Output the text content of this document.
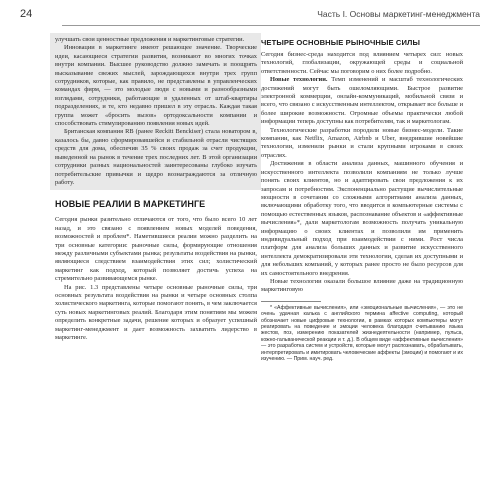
24	Часть I. Основы маркетинг-менеджмента

улучшать свои ценностные предложения и маркетинговые стратегии.

Инновации в маркетинге имеют решающее значение. Творческие идеи, касающиеся стратегии развития, возникают во многих точках внутри компании. Высшее руководство должно замечать и поощрять высказывание свежих мыслей, зарождающихся внутри трех групп сотрудников, которые, как правило, не представлены в управленческих командах фирм, — это молодые люди с новыми и разнообразными взглядами, сотрудники, работающие в удаленных от штаб-квартиры подразделениях, и те, кто недавно пришел в эту отрасль. Каждая такая группа может «бросить вызов» ортодоксальности компании и способствовать стимулированию появления новых идей.

Британская компания RB (ранее Reckitt Benckiser) стала новатором в, казалось бы, давно сформировавшейся и стабильной отрасли чистящих средств для дома, обеспечив 35 % своих продаж за счет продукции, выведенной на рынок в течение трех последних лет. В этой организации сотрудники разных национальностей заинтересованы глубоко изучать потребительские привычки и щедро вознаграждаются за отличную работу.

НОВЫЕ РЕАЛИИ В МАРКЕТИНГЕ

Сегодня рынки разительно отличаются от того, что было всего 10 лет назад, и это связано с появлением новых моделей поведения, возможностей и проблем*. Наметившиеся реалии можно разделить на три основные категории: рыночные силы, формирующие отношения между различными субъектами рынка; результаты воздействия на рынки, являющиеся следствием взаимодействия этих сил; холистический маркетинг как подход, который позволяет достичь успеха на стремительно развивающемся рынке.

На рис. 1.3 представлены четыре основные рыночные силы, три основных результата воздействия на рынки и четыре основных столпа холистического маркетинга, которые помогают понять, в чем заключается суть новых маркетинговых реалий. Благодаря этим понятиям мы можем определить конкретные задачи, решение которых и образует успешный маркетинг-менеджмент и дает возможность захватить лидерство в маркетинге.

ЧЕТЫРЕ ОСНОВНЫЕ РЫНОЧНЫЕ СИЛЫ

Сегодня бизнес-среда находится под влиянием четырех сил: новых технологий, глобализации, окружающей среды и социальной ответственности. Сейчас мы поговорим о них более подробно.

Новые технологии. Темп изменений и масштаб технологических достижений могут быть ошеломляющими. Быстрое развитие электронной коммерции, онлайн-коммуникаций, мобильной связи и всего, что связано с искусственным интеллектом, открывает все больше и более широкие возможности. Огромные объемы практически любой информации теперь доступны как потребителям, так и маркетологам.

Технологические разработки породили новые бизнес-модели. Такие компании, как Netflix, Amazon, Airbnb и Uber, внедрившие новейшие технологии, изменили рынки и стали крупными игроками в своих отраслях.

Достижения в области анализа данных, машинного обучения и искусственного интеллекта позволили компаниям не только лучше понять своих клиентов, но и адаптировать свои предложения к их запросам и потребностям. Экспоненциально растущие вычислительные мощности в сочетании со сложными алгоритмами анализа данных, включающими обработку того, что вводится в компьютерные системы с помощью естественных языков, распознавание объектов и «аффективные вычисления»*, дали маркетологам возможность получать уникальную информацию о своих клиентах и позволили им применить индивидуальный подход при взаимодействии с ними. Рост числа платформ для анализа больших данных и развитие искусственного интеллекта демократизировали эти технологии, сделав их доступными и для небольших компаний, у которых ранее просто не было ресурсов для их самостоятельного внедрения.

Новые технологии оказали большое влияние даже на традиционную маркетинговую

* «Аффективные вычисления», или «эмоциональные вычисления», — это не очень удачная калька с английского термина affective computing, который обозначает новые цифровые технологии, в рамках которых компьютеры могут реагировать на поведение и эмоции человека благодаря считыванию языка жестов, поз, измерению показателей жизнедеятельности (например, пульса, кожно-гальванической реакции и т. д.). В общем виде «аффективные вычисления» — это разработка систем и устройств, которые могут распознавать, обрабатывать, интерпретировать и имитировать человеческие аффекты (эмоции) и помогают и их изучению. — Прим. науч. ред.
